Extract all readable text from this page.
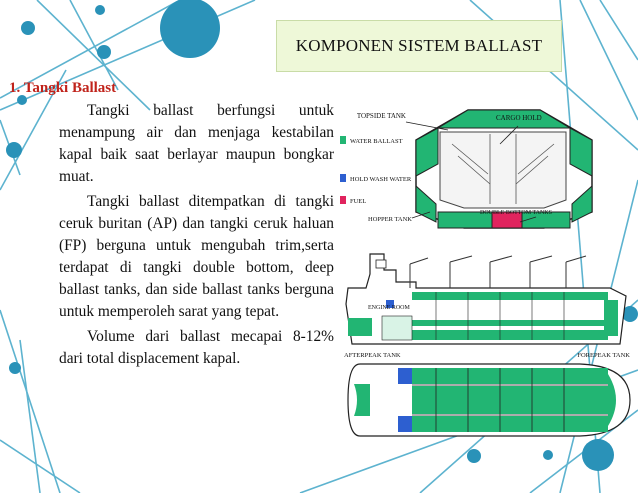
KOMPONEN SISTEM BALLAST
1. Tangki Ballast

Tangki ballast berfungsi untuk menampung air dan menjaga kestabilan kapal baik saat berlayar maupun bongkar muat.

Tangki ballast ditempatkan di tangki ceruk buritan (AP) dan tangki ceruk haluan (FP) berguna untuk mengubah trim,serta terdapat di tangki double bottom, deep ballast tanks, dan side ballast tanks berguna untuk memperoleh sarat yang tepat.

Volume dari ballast mecapai 8-12% dari total displacement kapal.

TOPSIDE TANK	CARGO HOLD
HOPPER TANK
DOUBLE BOTTOM TANKS
WATER BALLAST
HOLD WASH WATER
FUEL
ENGINE ROOM
AFTERPEAK TANK	FOREPEAK TANK
